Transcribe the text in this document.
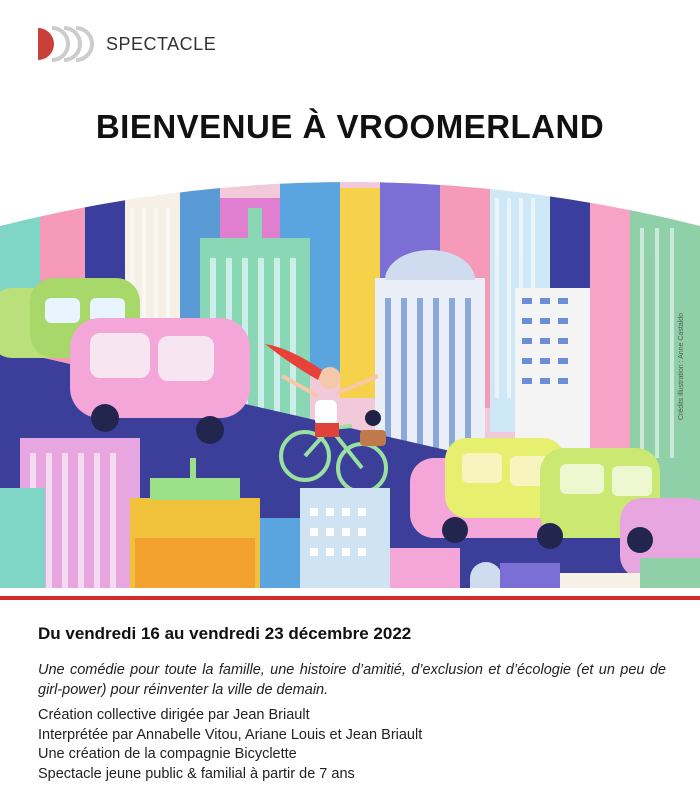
SPECTACLE
BIENVENUE À VROOMERLAND
Crédits illustration : Anne Castaldo
Du vendredi 16 au vendredi 23 décembre 2022
Une comédie pour toute la famille, une histoire d’amitié, d’exclusion et d’écologie (et un peu de girl-power) pour réinventer la ville de demain.
Création collective dirigée par Jean Briault
Interprétée par Annabelle Vitou, Ariane Louis et Jean Briault
Une création de la compagnie Bicyclette
Spectacle jeune public & familial à partir de 7 ans
